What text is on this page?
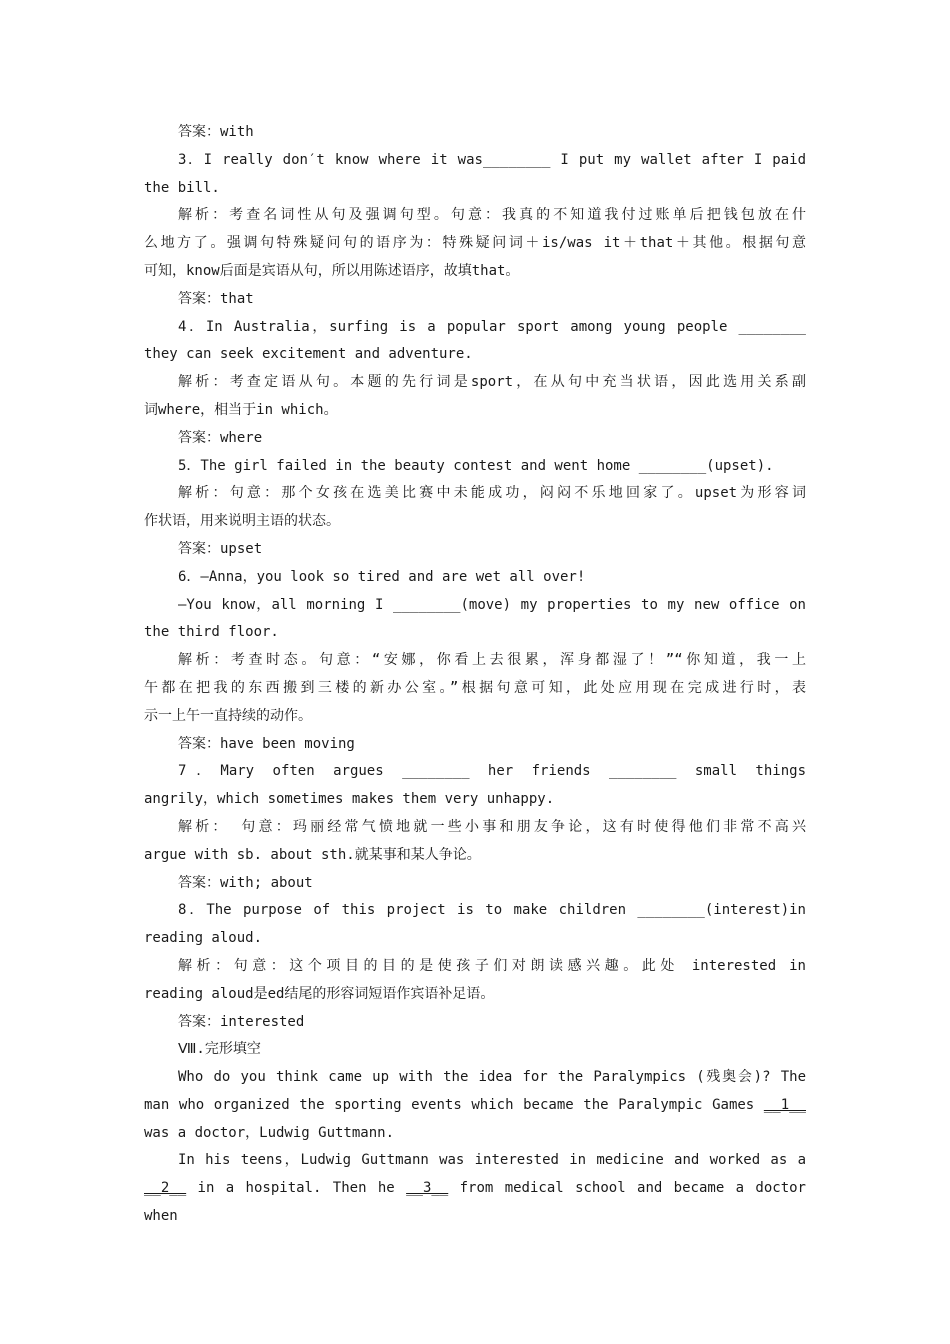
答案：with
3．I really don′t know where it was________ I put my wallet after I paid
the bill.
解析：考查名词性从句及强调句型。句意：我真的不知道我付过账单后把钱包放在什
么地方了。强调句特殊疑问句的语序为：特殊疑问词＋is/was it＋that＋其他。根据句意
可知，know后面是宾语从句，所以用陈述语序，故填that。
答案：that
4．In Australia，surfing is a popular sport among young people ________
they can seek excitement and adventure.
解析：考查定语从句。本题的先行词是sport，在从句中充当状语，因此选用关系副
词where，相当于in which。
答案：where
5．The girl failed in the beauty contest and went home ________(upset).
解析：句意：那个女孩在选美比赛中未能成功，闷闷不乐地回家了。upset为形容词
作状语，用来说明主语的状态。
答案：upset
6．—Anna，you look so tired and are wet all over!
—You know，all morning I ________(move) my properties to my new office on
the third floor.
解析：考查时态。句意：“安娜，你看上去很累，浑身都湿了！”“你知道，我一上
午都在把我的东西搬到三楼的新办公室。”根据句意可知，此处应用现在完成进行时，表
示一上午一直持续的动作。
答案：have been moving
7．Mary often argues ________ her friends ________ small things
angrily，which sometimes makes them very unhappy.
解析： 句意：玛丽经常气愤地就一些小事和朋友争论，这有时使得他们非常不高兴
argue with sb. about sth.就某事和某人争论。
答案：with; about
8．The purpose of this project is to make children ________(interest)in
reading aloud.
解析：句意：这个项目的目的是使孩子们对朗读感兴趣。此处 interested in
reading aloud是ed结尾的形容词短语作宾语补足语。
答案：interested
Ⅷ.完形填空
Who do you think came up with the idea for the Paralympics (残奥会)? The
man who organized the sporting events which became the Paralympic Games __1__
was a doctor，Ludwig Guttmann.
In his teens，Ludwig Guttmann was interested in medicine and worked as a
__2__ in a hospital. Then he __3__ from medical school and became a doctor when
